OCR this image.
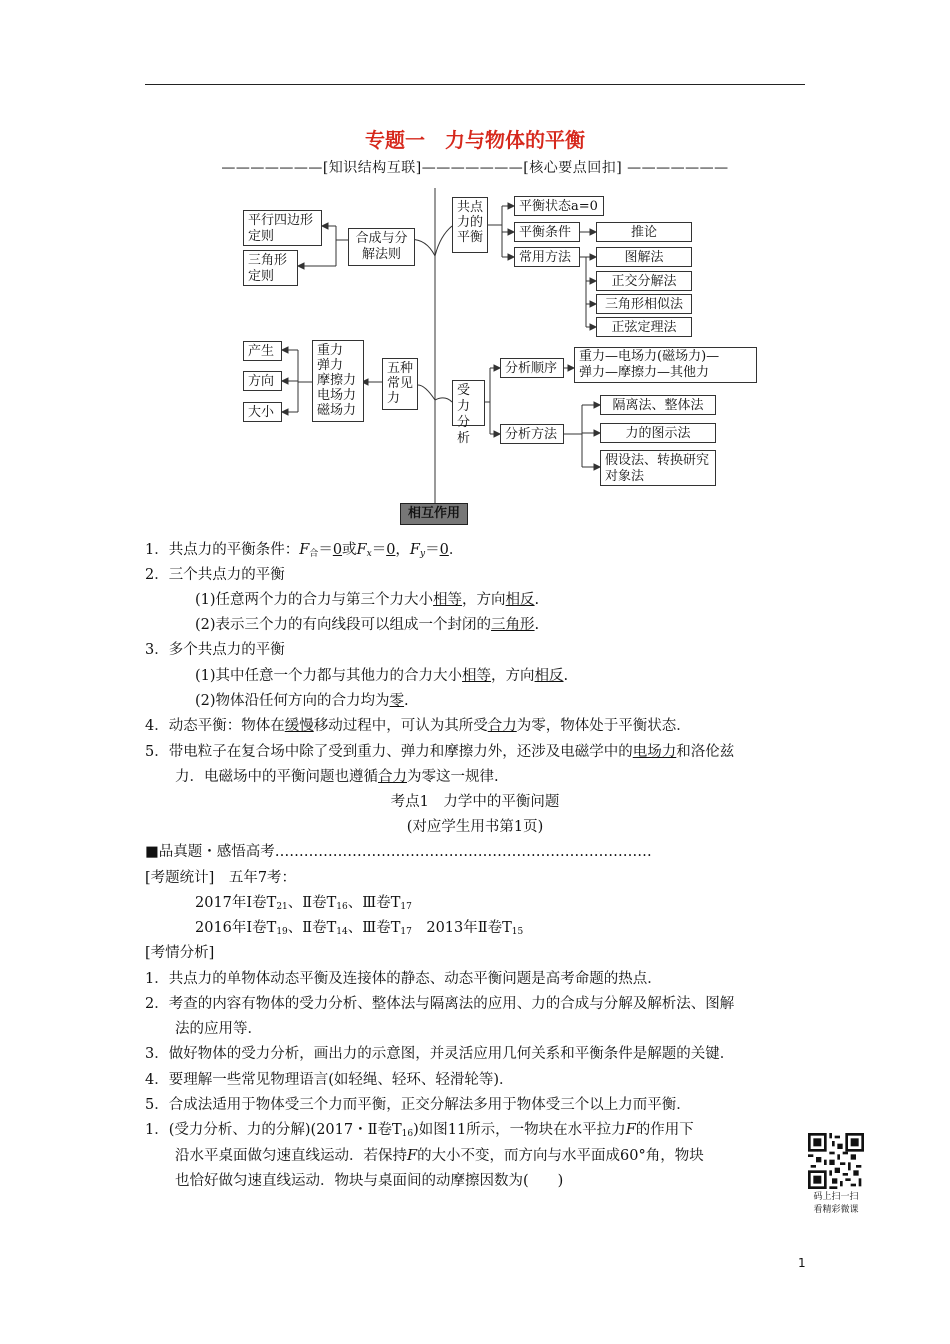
专题一　力与物体的平衡
———————[知识结构互联]———————[核心要点回扣] ———————
平行四边形定则
三角形定则
合成与分解法则
产生
方向
大小
重力 弹力 摩擦力 电场力 磁场力
五种常见力
共点力的平衡
平衡状态a=0
平衡条件	推论
常用方法	图解法
正交分解法
三角形相似法
正弦定理法
受力分析
分析顺序
重力—电场力(磁场力)—
弹力—摩擦力—其他力
分析方法
隔离法、整体法
力的图示法
假设法、转换研究对象法
相互作用
1．共点力的平衡条件：$F_合=0$或$F_x=0$，$F_y=0$．
2．三个共点力的平衡
(1)任意两个力的合力与第三个力大小相等，方向相反.
(2)表示三个力的有向线段可以组成一个封闭的三角形.
3．多个共点力的平衡
(1)其中任意一个力都与其他力的合力大小相等，方向相反.
(2)物体沿任何方向的合力均为零.
4．动态平衡：物体在缓慢移动过程中，可认为其所受合力为零，物体处于平衡状态．
5．带电粒子在复合场中除了受到重力、弹力和摩擦力外，还涉及电磁学中的电场力和洛伦兹
力．电磁场中的平衡问题也遵循合力为零这一规律.
考点1　力学中的平衡问题
(对应学生用书第1页)
■品真题・感悟高考……………………………………………………………………
[考题统计]　五年7考：
2017年Ⅰ卷$T_{21}$、Ⅱ卷$T_{16}$、Ⅲ卷$T_{17}$
2016年Ⅰ卷$T_{19}$、Ⅱ卷$T_{14}$、Ⅲ卷$T_{17}$　2013年Ⅱ卷$T_{15}$
[考情分析]
1．共点力的单物体动态平衡及连接体的静态、动态平衡问题是高考命题的热点．
2．考查的内容有物体的受力分析、整体法与隔离法的应用、力的合成与分解及解析法、图解
法的应用等．
3．做好物体的受力分析，画出力的示意图，并灵活应用几何关系和平衡条件是解题的关键．
4．要理解一些常见物理语言(如轻绳、轻环、轻滑轮等)．
5．合成法适用于物体受三个力而平衡，正交分解法多用于物体受三个以上力而平衡．
1．(受力分析、力的分解)(2017・Ⅱ卷$T_{16}$)如图11所示，一物块在水平拉力F的作用下
沿水平桌面做匀速直线运动．若保持F的大小不变，而方向与水平面成60°角，物块
也恰好做匀速直线运动．物块与桌面间的动摩擦因数为(　　)
码上扫一扫
看精彩微课
1
